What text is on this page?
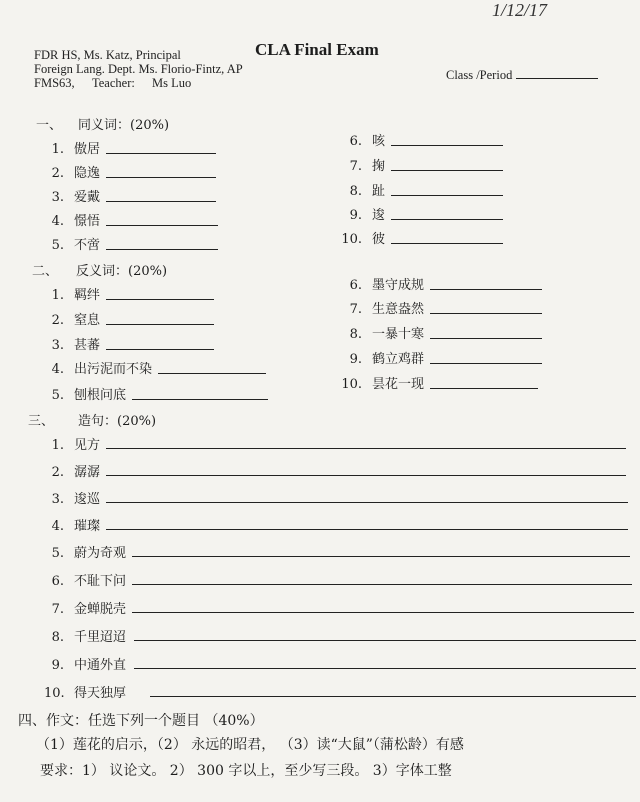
1/12/17
FDR HS, Ms. Katz, Principal
Foreign Lang. Dept. Ms. Florio-Fintz, AP
FMS63, Teacher: Ms Luo
CLA Final Exam
Class /Period
一、 同义词：(20%)
1. 傲居
2. 隐逸
3. 爱戴
4. 憬悟
5. 不啻
6. 咳
7. 掬
8. 趾
9. 逡
10. 彼
二、 反义词：(20%)
1. 羁绊
2. 窒息
3. 甚蕃
4. 出污泥而不染
5. 刨根问底
6. 墨守成规
7. 生意盎然
8. 一暴十寒
9. 鹤立鸡群
10. 昙花一现
三、 造句：(20%)
1. 见方
2. 潺潺
3. 逡巡
4. 璀璨
5. 蔚为奇观
6. 不耻下问
7. 金蝉脱壳
8. 千里迢迢
9. 中通外直
10. 得天独厚
四、作文：任选下列一个题目 （40%）
（1）莲花的启示，（2） 永远的昭君， （3）读“大鼠”（蒲松龄）有感
要求：1） 议论文。 2） 300 字以上，至少写三段。 3）字体工整
